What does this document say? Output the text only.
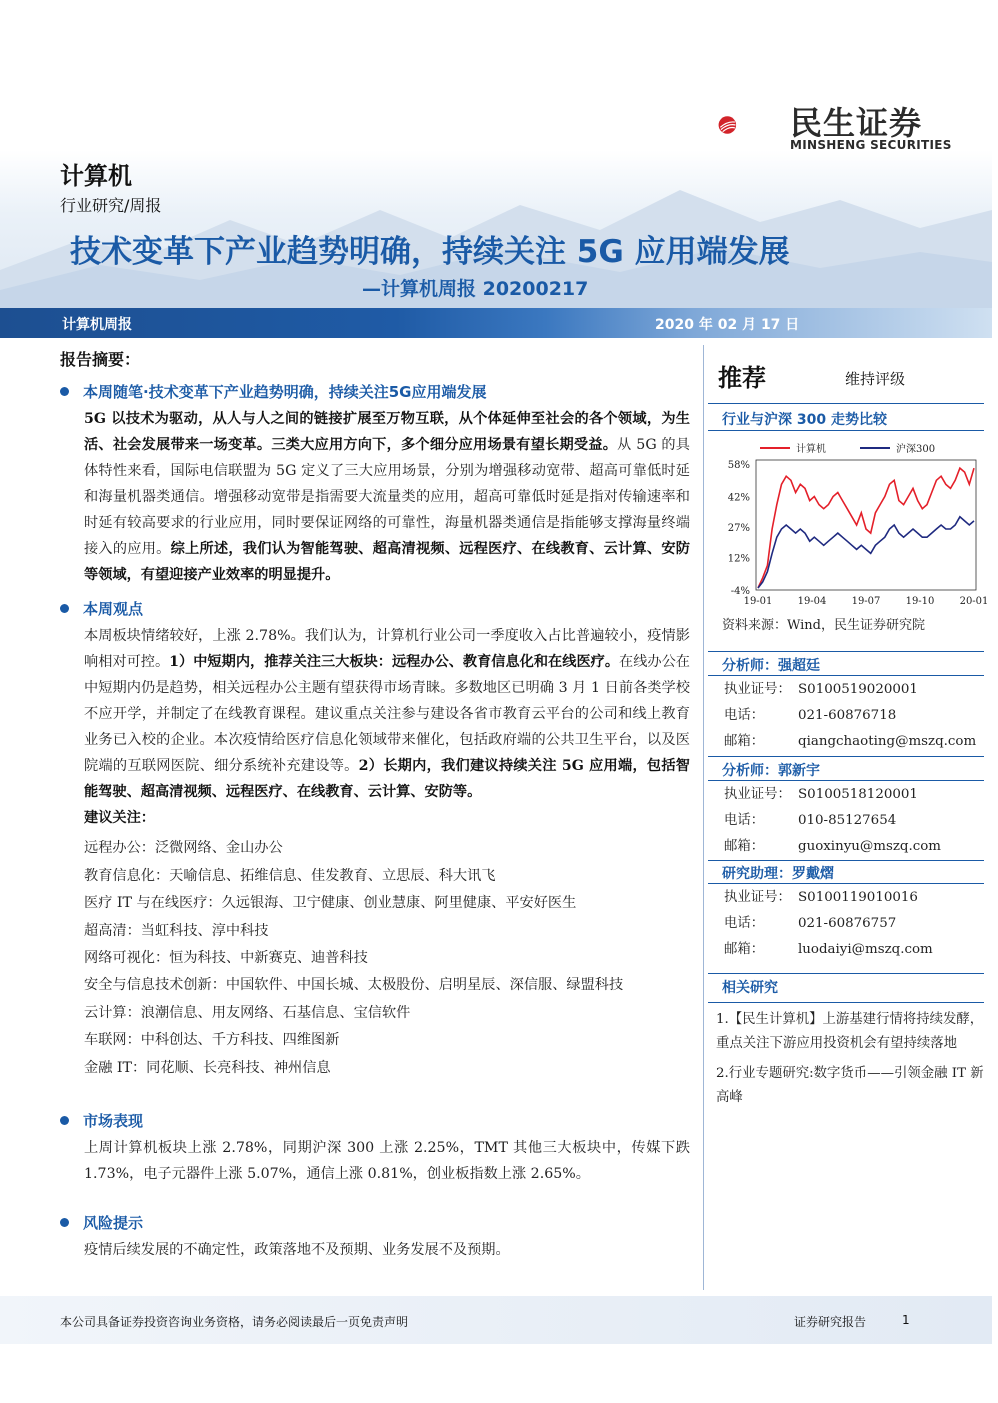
民生证券
MINSHENG SECURITIES
计算机
行业研究/周报
技术变革下产业趋势明确，持续关注 5G 应用端发展
—计算机周报 20200217
计算机周报	2020 年 02 月 17 日
报告摘要：
本周随笔·技术变革下产业趋势明确，持续关注5G应用端发展
5G 以技术为驱动，从人与人之间的链接扩展至万物互联，从个体延伸至社会的各个领域，为生活、社会发展带来一场变革。三类大应用方向下，多个细分应用场景有望长期受益。从 5G 的具体特性来看，国际电信联盟为 5G 定义了三大应用场景，分别为增强移动宽带、超高可靠低时延和海量机器类通信。增强移动宽带是指需要大流量类的应用，超高可靠低时延是指对传输速率和时延有较高要求的行业应用，同时要保证网络的可靠性，海量机器类通信是指能够支撑海量终端接入的应用。综上所述，我们认为智能驾驶、超高清视频、远程医疗、在线教育、云计算、安防等领域，有望迎接产业效率的明显提升。
本周观点
本周板块情绪较好，上涨 2.78%。我们认为，计算机行业公司一季度收入占比普遍较小，疫情影响相对可控。1）中短期内，推荐关注三大板块：远程办公、教育信息化和在线医疗。在线办公在中短期内仍是趋势，相关远程办公主题有望获得市场青睐。多数地区已明确 3 月 1 日前各类学校不应开学，并制定了在线教育课程。建议重点关注参与建设各省市教育云平台的公司和线上教育业务已入校的企业。本次疫情给医疗信息化领域带来催化，包括政府端的公共卫生平台，以及医院端的互联网医院、细分系统补充建设等。2）长期内，我们建议持续关注 5G 应用端，包括智能驾驶、超高清视频、远程医疗、在线教育、云计算、安防等。
建议关注：
远程办公：泛微网络、金山办公
教育信息化：天喻信息、拓维信息、佳发教育、立思辰、科大讯飞
医疗 IT 与在线医疗：久远银海、卫宁健康、创业慧康、阿里健康、平安好医生
超高清：当虹科技、淳中科技
网络可视化：恒为科技、中新赛克、迪普科技
安全与信息技术创新：中国软件、中国长城、太极股份、启明星辰、深信服、绿盟科技
云计算：浪潮信息、用友网络、石基信息、宝信软件
车联网：中科创达、千方科技、四维图新
金融 IT：同花顺、长亮科技、神州信息
市场表现
上周计算机板块上涨 2.78%，同期沪深 300 上涨 2.25%，TMT 其他三大板块中，传媒下跌 1.73%，电子元器件上涨 5.07%，通信上涨 0.81%，创业板指数上涨 2.65%。
风险提示
疫情后续发展的不确定性，政策落地不及预期、业务发展不及预期。
推荐	维持评级
行业与沪深 300 走势比较
58%
42%
27%
12%
-4%
19-01	19-04	19-07	19-10	20-01
计算机	沪深300
资料来源：Wind，民生证券研究院
分析师：强超廷
执业证号： S0100519020001
电话：	021-60876718
邮箱：	qiangchaoting@mszq.com
分析师：郭新宇
执业证号： S0100518120001
电话：	010-85127654
邮箱：	guoxinyu@mszq.com
研究助理：罗戴熠
执业证号： S0100119010016
电话：	021-60876757
邮箱：	luodaiyi@mszq.com
相关研究
1.【民生计算机】上游基建行情将持续发酵，重点关注下游应用投资机会有望持续落地
2.行业专题研究:数字货币——引领金融 IT 新高峰
本公司具备证券投资咨询业务资格，请务必阅读最后一页免责声明	证券研究报告	1
